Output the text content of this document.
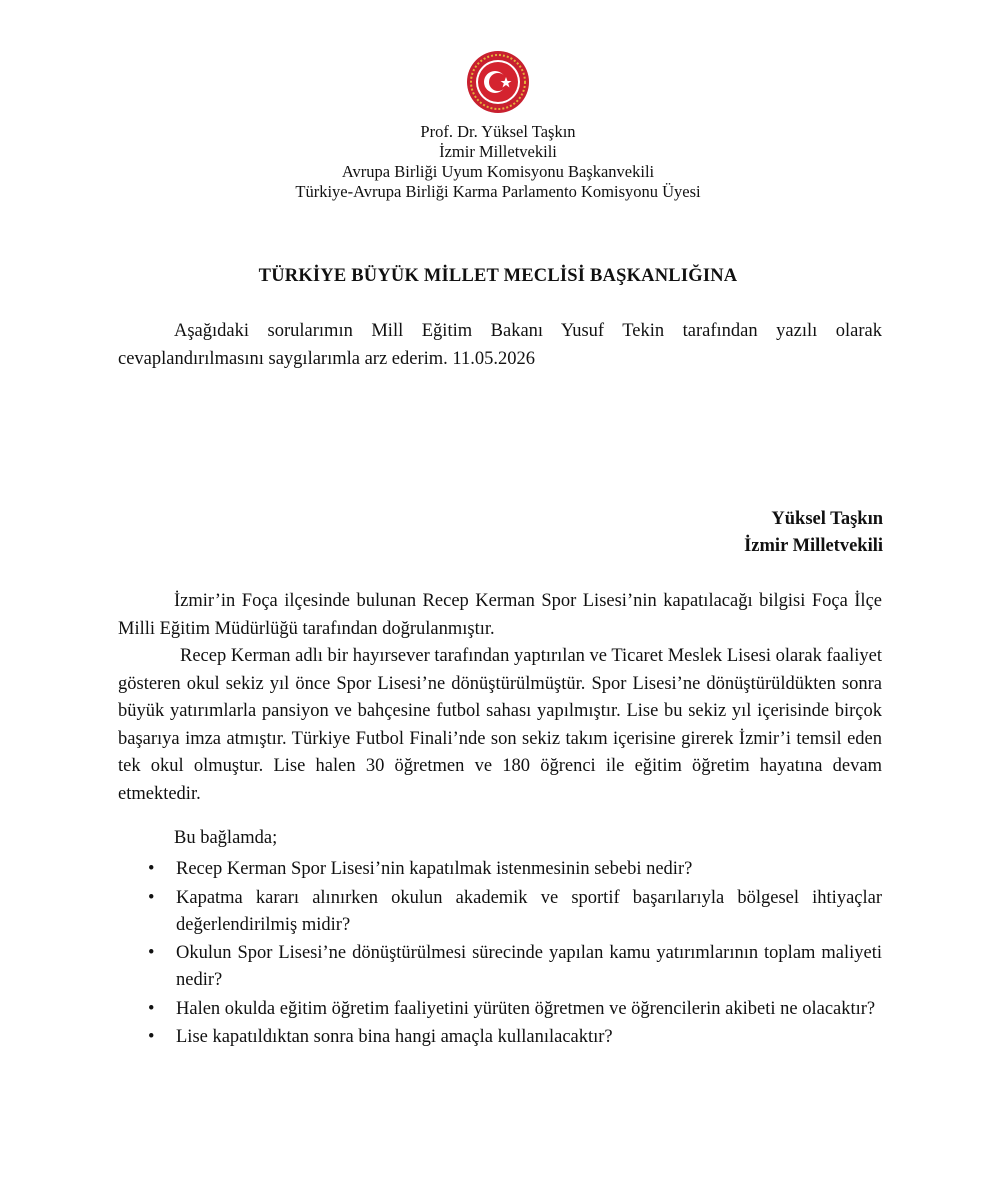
Prof. Dr. Yüksel Taşkın
İzmir Milletvekili
Avrupa Birliği Uyum Komisyonu Başkanvekili
Türkiye-Avrupa Birliği Karma Parlamento Komisyonu Üyesi
TÜRKİYE BÜYÜK MİLLET MECLİSİ BAŞKANLIĞINA
Aşağıdaki sorularımın Mill Eğitim Bakanı Yusuf Tekin tarafından yazılı olarak cevaplandırılmasını saygılarımla arz ederim. 11.05.2026
Yüksel Taşkın
İzmir Milletvekili
İzmir’in Foça ilçesinde bulunan Recep Kerman Spor Lisesi’nin kapatılacağı bilgisi Foça İlçe Milli Eğitim Müdürlüğü tarafından doğrulanmıştır.
Recep Kerman adlı bir hayırsever tarafından yaptırılan ve Ticaret Meslek Lisesi olarak faaliyet gösteren okul sekiz yıl önce Spor Lisesi’ne dönüştürülmüştür. Spor Lisesi’ne dönüştürüldükten sonra büyük yatırımlarla pansiyon ve bahçesine futbol sahası yapılmıştır. Lise bu sekiz yıl içerisinde birçok başarıya imza atmıştır. Türkiye Futbol Finali’nde son sekiz takım içerisine girerek İzmir’i temsil eden tek okul olmuştur. Lise halen 30 öğretmen ve 180 öğrenci ile eğitim öğretim hayatına devam etmektedir.
Bu bağlamda;
• Recep Kerman Spor Lisesi’nin kapatılmak istenmesinin sebebi nedir?
• Kapatma kararı alınırken okulun akademik ve sportif başarılarıyla bölgesel ihtiyaçlar değerlendirilmiş midir?
• Okulun Spor Lisesi’ne dönüştürülmesi sürecinde yapılan kamu yatırımlarının toplam maliyeti nedir?
• Halen okulda eğitim öğretim faaliyetini yürüten öğretmen ve öğrencilerin akibeti ne olacaktır?
• Lise kapatıldıktan sonra bina hangi amaçla kullanılacaktır?
